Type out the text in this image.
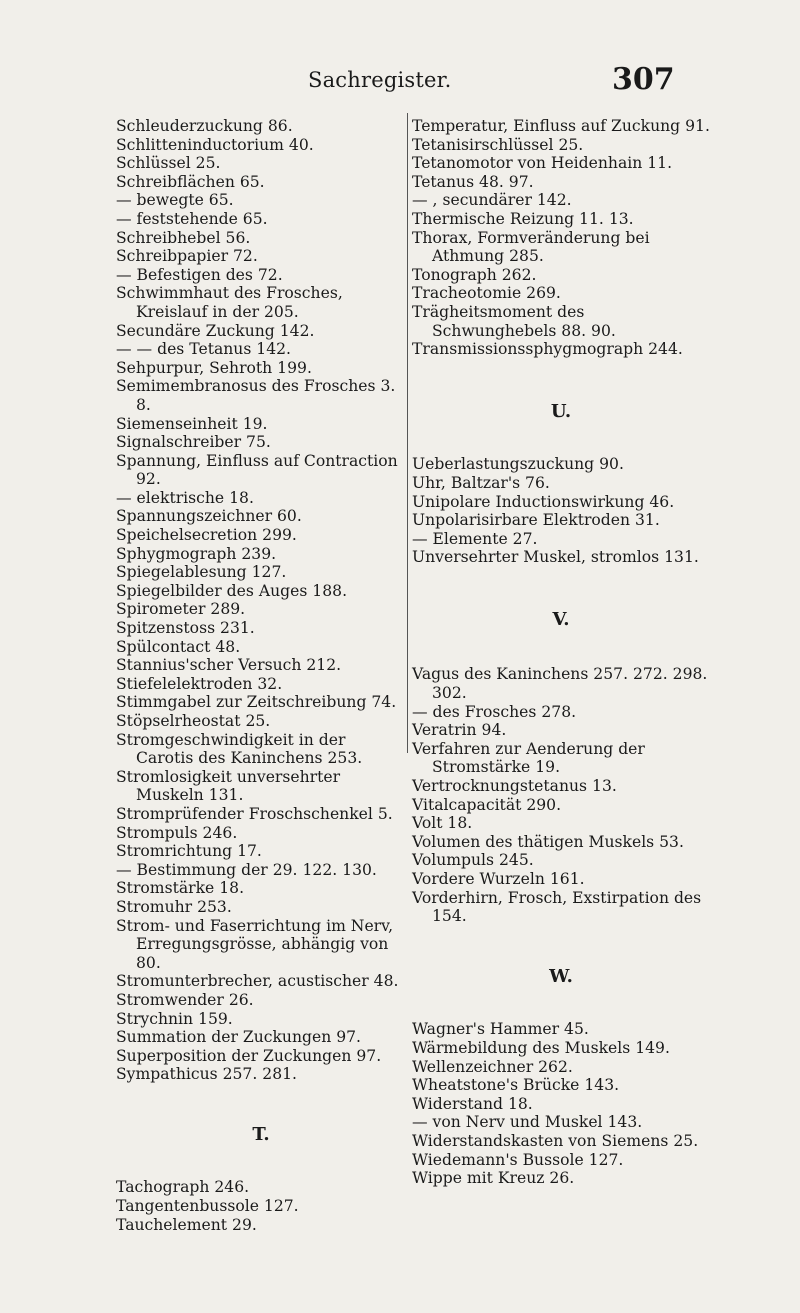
Sachregister.	307
Schleuderzuckung 86.
Schlitteninductorium 40.
Schlüssel 25.
Schreibflächen 65.
— bewegte 65.
— feststehende 65.
Schreibhebel 56.
Schreibpapier 72.
— Befestigen des 72.
Schwimmhaut des Frosches, Kreislauf in der 205.
Secundäre Zuckung 142.
— — des Tetanus 142.
Sehpurpur, Sehroth 199.
Semimembranosus des Frosches 3. 8.
Siemenseinheit 19.
Signalschreiber 75.
Spannung, Einfluss auf Contraction 92.
— elektrische 18.
Spannungszeichner 60.
Speichelsecretion 299.
Sphygmograph 239.
Spiegelablesung 127.
Spiegelbilder des Auges 188.
Spirometer 289.
Spitzenstoss 231.
Spülcontact 48.
Stannius'scher Versuch 212.
Stiefelelektroden 32.
Stimmgabel zur Zeitschreibung 74.
Stöpselrheostat 25.
Stromgeschwindigkeit in der Carotis des Kaninchens 253.
Stromlosigkeit unversehrter Muskeln 131.
Stromprüfender Froschschenkel 5.
Strompuls 246.
Stromrichtung 17.
— Bestimmung der 29. 122. 130.
Stromstärke 18.
Stromuhr 253.
Strom- und Faserrichtung im Nerv, Erregungsgrösse, abhängig von 80.
Stromunterbrecher, acustischer 48.
Stromwender 26.
Strychnin 159.
Summation der Zuckungen 97.
Superposition der Zuckungen 97.
Sympathicus 257. 281.
T.
Tachograph 246.
Tangentenbussole 127.
Tauchelement 29.
Temperatur, Einfluss auf Zuckung 91.
Tetanisirschlüssel 25.
Tetanomotor von Heidenhain 11.
Tetanus 48. 97.
— , secundärer 142.
Thermische Reizung 11. 13.
Thorax, Formveränderung bei Athmung 285.
Tonograph 262.
Tracheotomie 269.
Trägheitsmoment des Schwunghebels 88. 90.
Transmissionssphygmograph 244.
U.
Ueberlastungszuckung 90.
Uhr, Baltzar's 76.
Unipolare Inductionswirkung 46.
Unpolarisirbare Elektroden 31.
— Elemente 27.
Unversehrter Muskel, stromlos 131.
V.
Vagus des Kaninchens 257. 272. 298. 302.
— des Frosches 278.
Veratrin 94.
Verfahren zur Aenderung der Stromstärke 19.
Vertrocknungstetanus 13.
Vitalcapacität 290.
Volt 18.
Volumen des thätigen Muskels 53.
Volumpuls 245.
Vordere Wurzeln 161.
Vorderhirn, Frosch, Exstirpation des 154.
W.
Wagner's Hammer 45.
Wärmebildung des Muskels 149.
Wellenzeichner 262.
Wheatstone's Brücke 143.
Widerstand 18.
— von Nerv und Muskel 143.
Widerstandskasten von Siemens 25.
Wiedemann's Bussole 127.
Wippe mit Kreuz 26.
